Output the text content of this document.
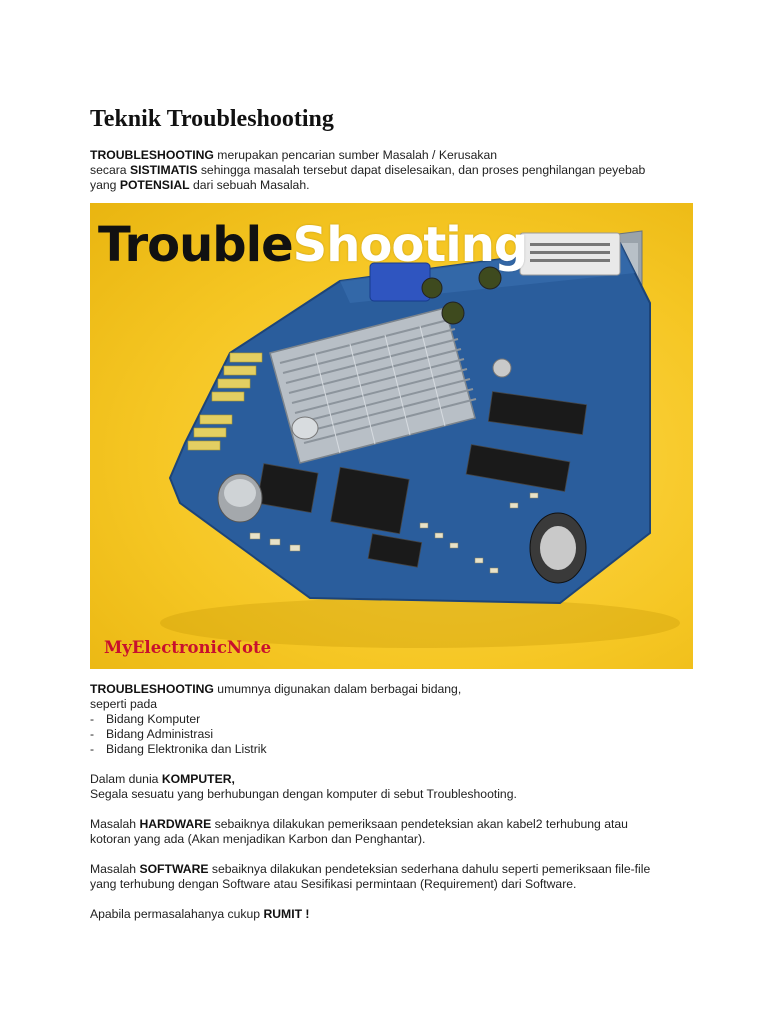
Teknik Troubleshooting

TROUBLESHOOTING merupakan pencarian sumber Masalah / Kerusakan
secara SISTIMATIS sehingga masalah tersebut dapat diselesaikan, dan proses penghilangan peyebab
yang POTENSIAL dari sebuah Masalah.

TroubleShooting
MyElectronicNote

TROUBLESHOOTING umumnya digunakan dalam berbagai bidang,
seperti pada

- Bidang Komputer
- Bidang Administrasi
- Bidang Elektronika dan Listrik

Dalam dunia KOMPUTER,
Segala sesuatu yang berhubungan dengan komputer di sebut Troubleshooting.

Masalah HARDWARE sebaiknya dilakukan pemeriksaan pendeteksian akan kabel2 terhubung atau
kotoran yang ada (Akan menjadikan Karbon dan Penghantar).

Masalah SOFTWARE sebaiknya dilakukan pendeteksian sederhana dahulu seperti pemeriksaan file-file
yang terhubung dengan Software atau Sesifikasi permintaan (Requirement) dari Software.

Apabila permasalahanya cukup RUMIT !
